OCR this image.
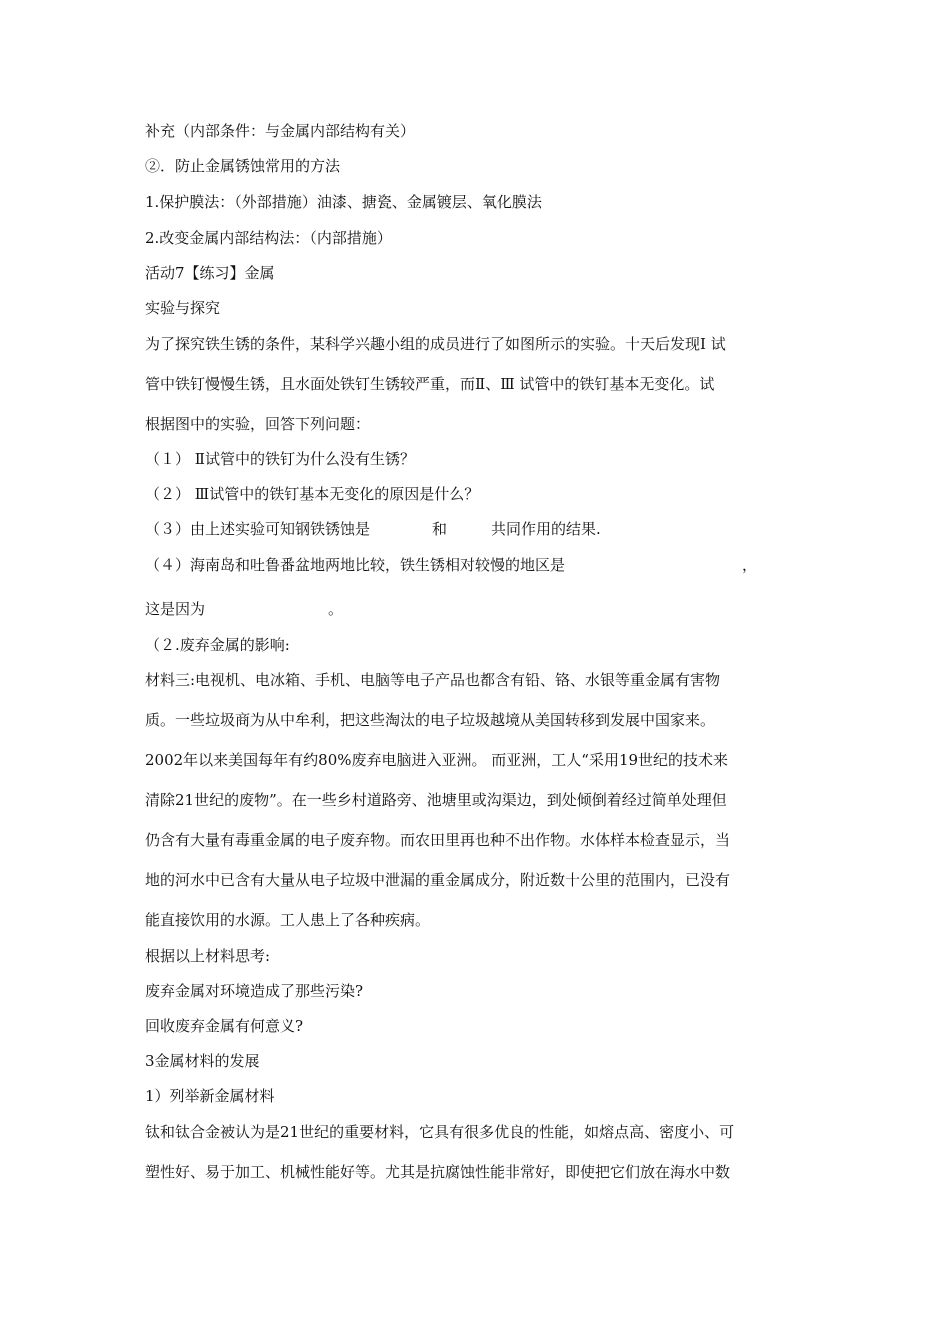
补充（内部条件：与金属内部结构有关）

②．防止金属锈蚀常用的方法

1.保护膜法：（外部措施）油漆、搪瓷、金属镀层、氧化膜法

2.改变金属内部结构法：（内部措施）

活动7【练习】金属

实验与探究

为了探究铁生锈的条件，某科学兴趣小组的成员进行了如图所示的实验。十天后发现Ⅰ 试

管中铁钉慢慢生锈，且水面处铁钉生锈较严重，而Ⅱ、Ⅲ 试管中的铁钉基本无变化。试

根据图中的实验，回答下列问题：

（１） Ⅱ试管中的铁钉为什么没有生锈？

（２） Ⅲ试管中的铁钉基本无变化的原因是什么？

（３）由上述实验可知钢铁锈蚀是	和	共同作用的结果.

（４）海南岛和吐鲁番盆地两地比较，铁生锈相对较慢的地区是	，

这是因为	。

（２.废弃金属的影响:

材料三:电视机、电冰箱、手机、电脑等电子产品也都含有铅、铬、水银等重金属有害物

质。一些垃圾商为从中牟利，把这些淘汰的电子垃圾越境从美国转移到发展中国家来。

2002年以来美国每年有约80%废弃电脑进入亚洲。 而亚洲，工人“采用19世纪的技术来

清除21世纪的废物”。在一些乡村道路旁、池塘里或沟渠边，到处倾倒着经过简单处理但

仍含有大量有毒重金属的电子废弃物。而农田里再也种不出作物。水体样本检查显示，当

地的河水中已含有大量从电子垃圾中泄漏的重金属成分，附近数十公里的范围内，已没有

能直接饮用的水源。工人患上了各种疾病。

根据以上材料思考:

废弃金属对环境造成了那些污染?

回收废弃金属有何意义?

3金属材料的发展

1）列举新金属材料

钛和钛合金被认为是21世纪的重要材料，它具有很多优良的性能，如熔点高、密度小、可

塑性好、易于加工、机械性能好等。尤其是抗腐蚀性能非常好，即使把它们放在海水中数
